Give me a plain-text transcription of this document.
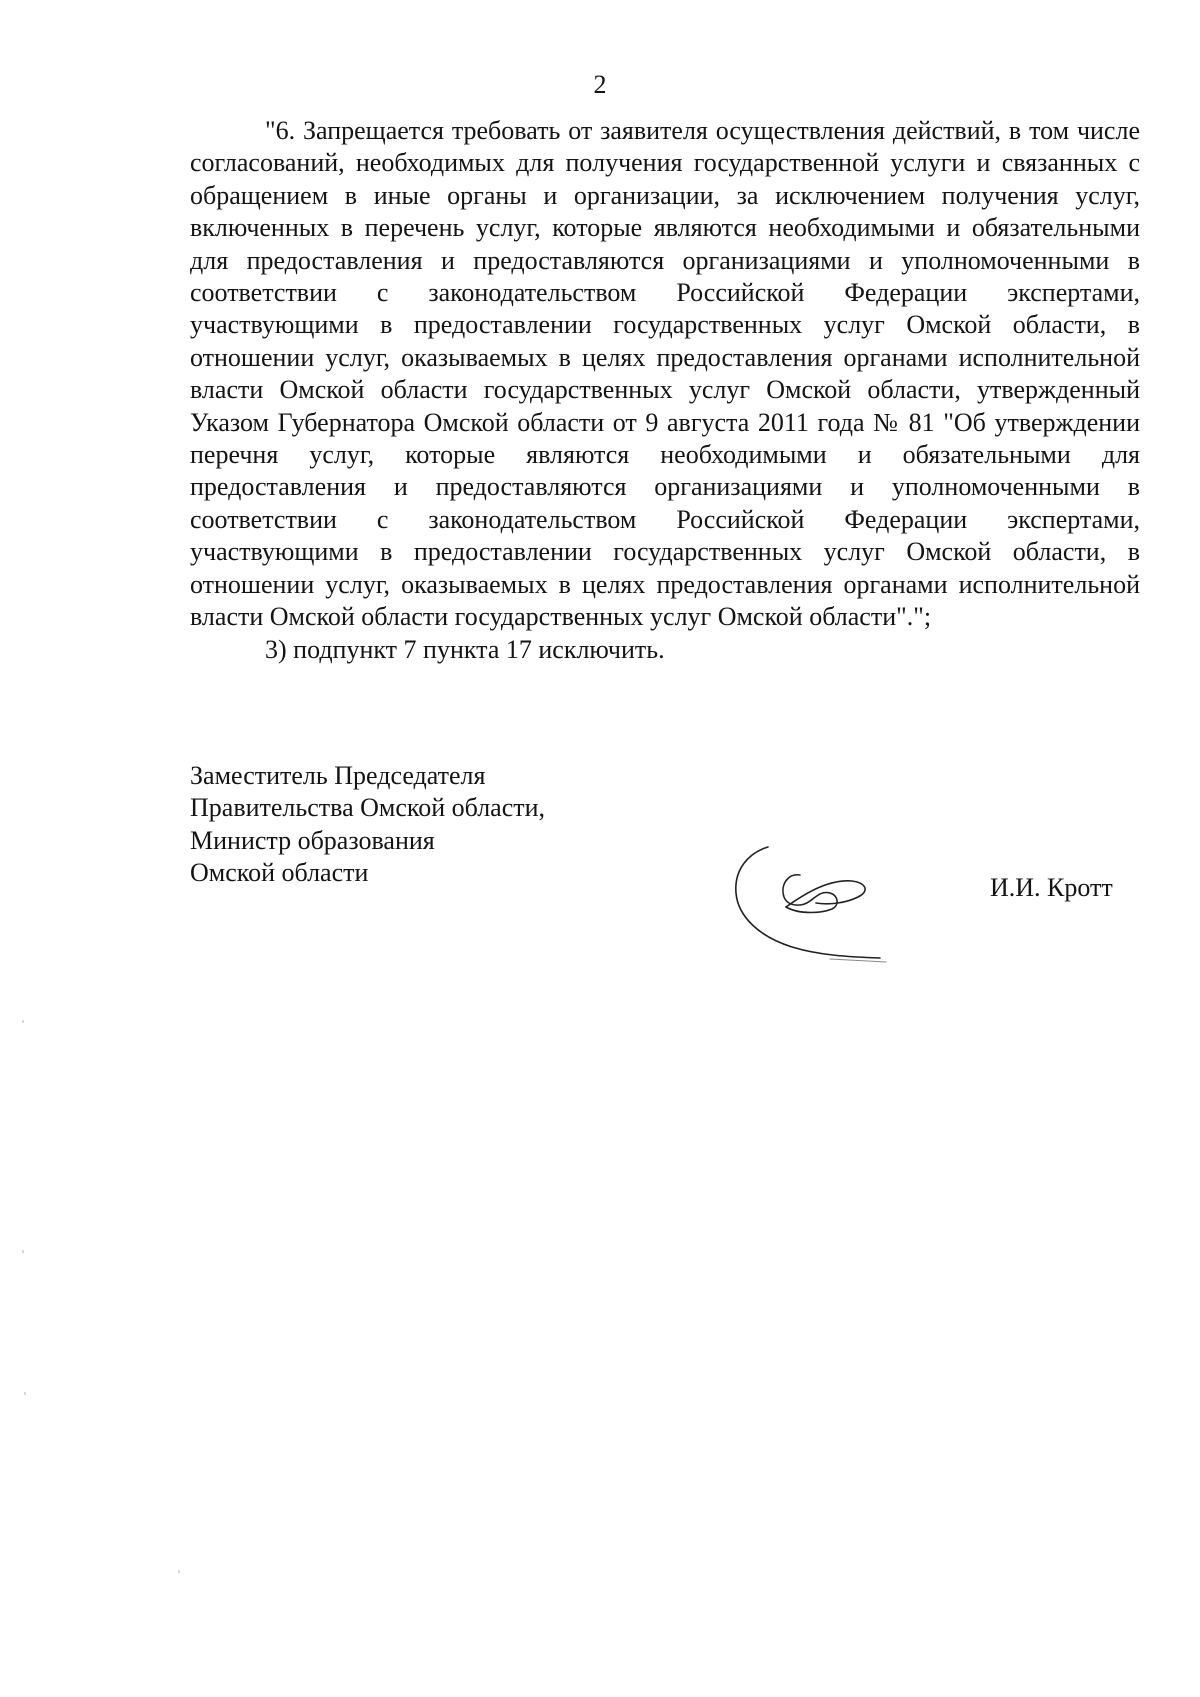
2

"6. Запрещается требовать от заявителя осуществления действий, в том числе согласований, необходимых для получения государственной услуги и связанных с обращением в иные органы и организации, за исключением получения услуг, включенных в перечень услуг, которые являются необходимыми и обязательными для предоставления и предоставляются организациями и уполномоченными в соответствии с законодательством Российской Федерации экспертами, участвующими в предоставлении государственных услуг Омской области, в отношении услуг, оказываемых в целях предоставления органами исполнительной власти Омской области государственных услуг Омской области, утвержденный Указом Губернатора Омской области от 9 августа 2011 года № 81 "Об утверждении перечня услуг, которые являются необходимыми и обязательными для предоставления и предоставляются организациями и уполномоченными в соответствии с законодательством Российской Федерации экспертами, участвующими в предоставлении государственных услуг Омской области, в отношении услуг, оказываемых в целях предоставления органами исполнительной власти Омской области государственных услуг Омской области".";

3) подпункт 7 пункта 17 исключить.

Заместитель Председателя
Правительства Омской области,
Министр образования
Омской области
И.И. Кротт
